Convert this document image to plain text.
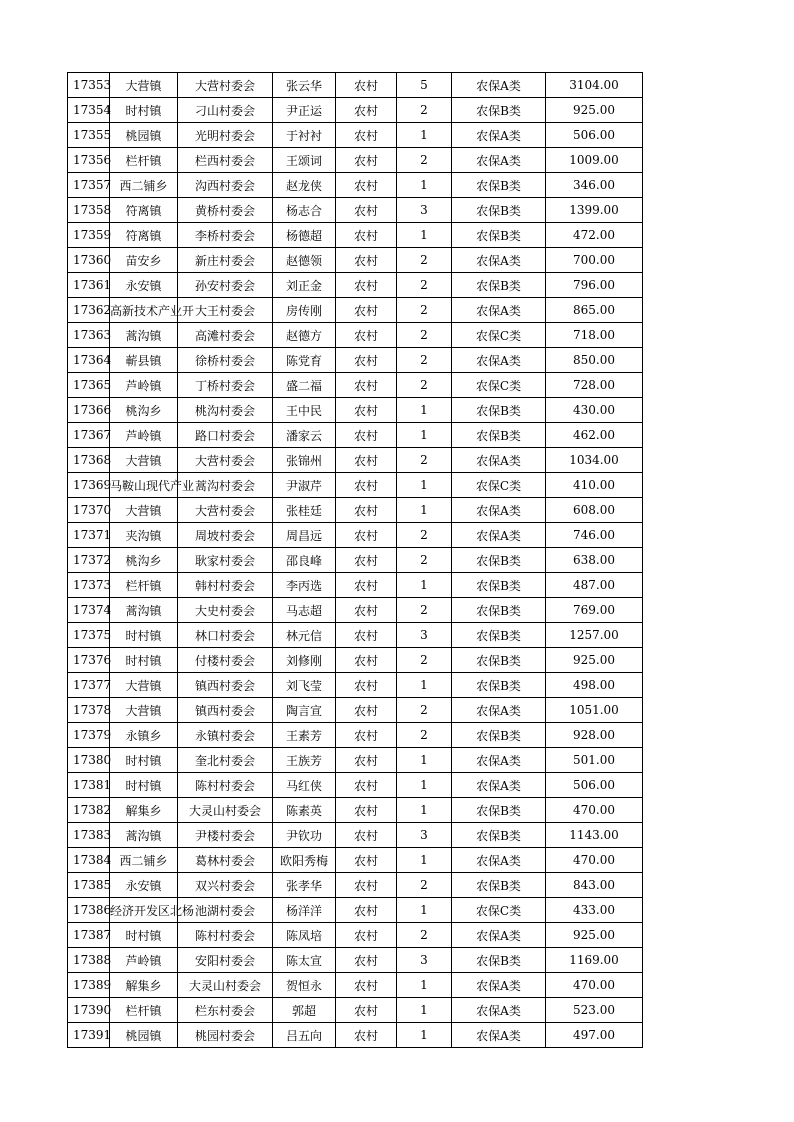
17353	大营镇	大营村委会	张云华	农村	5	农保A类	3104.00
17354	时村镇	刁山村委会	尹正运	农村	2	农保B类	925.00
17355	桃园镇	光明村委会	于衬衬	农村	1	农保A类	506.00
17356	栏杆镇	栏西村委会	王颂词	农村	2	农保A类	1009.00
17357	西二铺乡	沟西村委会	赵龙侠	农村	1	农保B类	346.00
17358	符离镇	黄桥村委会	杨志合	农村	3	农保B类	1399.00
17359	符离镇	李桥村委会	杨德超	农村	1	农保B类	472.00
17360	苗安乡	新庄村委会	赵德领	农村	2	农保A类	700.00
17361	永安镇	孙安村委会	刘正金	农村	2	农保B类	796.00
17362	高新技术产业开	大王村委会	房传刚	农村	2	农保A类	865.00
17363	蒿沟镇	高滩村委会	赵德方	农村	2	农保C类	718.00
17364	蕲县镇	徐桥村委会	陈党育	农村	2	农保A类	850.00
17365	芦岭镇	丁桥村委会	盛二福	农村	2	农保C类	728.00
17366	桃沟乡	桃沟村委会	王中民	农村	1	农保B类	430.00
17367	芦岭镇	路口村委会	潘家云	农村	1	农保B类	462.00
17368	大营镇	大营村委会	张锦州	农村	2	农保A类	1034.00
17369	马鞍山现代产业	蒿沟村委会	尹淑芹	农村	1	农保C类	410.00
17370	大营镇	大营村委会	张桂廷	农村	1	农保A类	608.00
17371	夹沟镇	周坡村委会	周昌远	农村	2	农保A类	746.00
17372	桃沟乡	耿家村委会	邵良峰	农村	2	农保B类	638.00
17373	栏杆镇	韩村村委会	李丙选	农村	1	农保B类	487.00
17374	蒿沟镇	大史村委会	马志超	农村	2	农保B类	769.00
17375	时村镇	林口村委会	林元信	农村	3	农保B类	1257.00
17376	时村镇	付楼村委会	刘修刚	农村	2	农保B类	925.00
17377	大营镇	镇西村委会	刘飞莹	农村	1	农保B类	498.00
17378	大营镇	镇西村委会	陶言宣	农村	2	农保A类	1051.00
17379	永镇乡	永镇村委会	王素芳	农村	2	农保B类	928.00
17380	时村镇	奎北村委会	王族芳	农村	1	农保A类	501.00
17381	时村镇	陈村村委会	马红侠	农村	1	农保A类	506.00
17382	解集乡	大灵山村委会	陈素英	农村	1	农保B类	470.00
17383	蒿沟镇	尹楼村委会	尹钦功	农村	3	农保B类	1143.00
17384	西二铺乡	葛林村委会	欧阳秀梅	农村	1	农保A类	470.00
17385	永安镇	双兴村委会	张孝华	农村	2	农保B类	843.00
17386	经济开发区北杨	池湖村委会	杨洋洋	农村	1	农保C类	433.00
17387	时村镇	陈村村委会	陈凤培	农村	2	农保A类	925.00
17388	芦岭镇	安阳村委会	陈太宣	农村	3	农保B类	1169.00
17389	解集乡	大灵山村委会	贺恒永	农村	1	农保A类	470.00
17390	栏杆镇	栏东村委会	郭超	农村	1	农保A类	523.00
17391	桃园镇	桃园村委会	吕五向	农村	1	农保A类	497.00
